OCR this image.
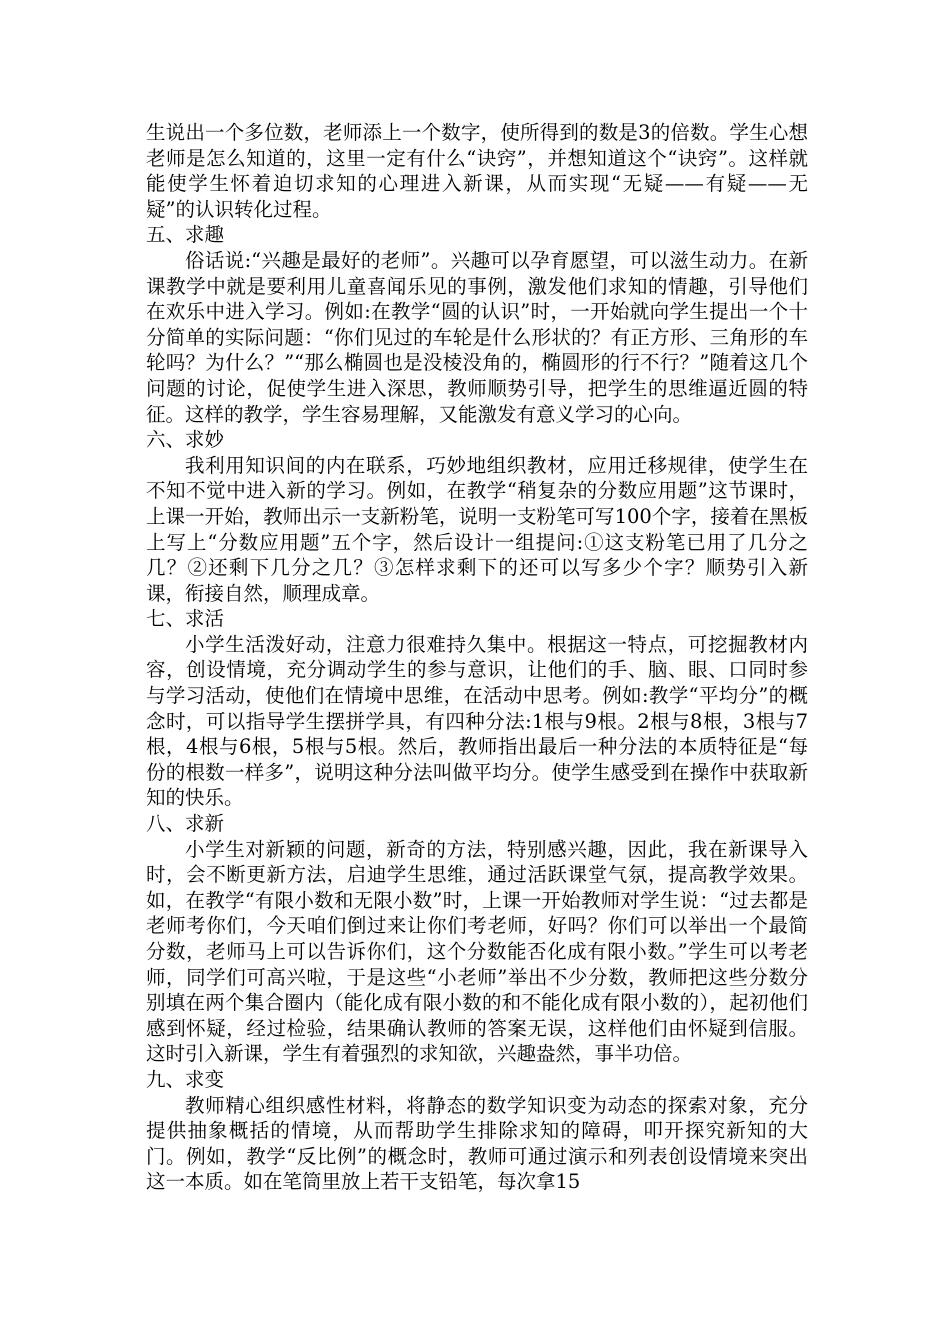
生说出一个多位数，老师添上一个数字，使所得到的数是3的倍数。学生心想老师是怎么知道的，这里一定有什么“诀窍”，并想知道这个“诀窍”。这样就能使学生怀着迫切求知的心理进入新课，从而实现“无疑——有疑——无疑”的认识转化过程。

五、求趣

俗话说:“兴趣是最好的老师”。兴趣可以孕育愿望，可以滋生动力。在新课教学中就是要利用儿童喜闻乐见的事例，激发他们求知的情趣，引导他们在欢乐中进入学习。例如:在教学“圆的认识”时，一开始就向学生提出一个十分简单的实际问题：“你们见过的车轮是什么形状的？有正方形、三角形的车轮吗？为什么？”“那么椭圆也是没棱没角的，椭圆形的行不行？”随着这几个问题的讨论，促使学生进入深思，教师顺势引导，把学生的思维逼近圆的特征。这样的教学，学生容易理解，又能激发有意义学习的心向。

六、求妙

我利用知识间的内在联系，巧妙地组织教材，应用迁移规律，使学生在不知不觉中进入新的学习。例如，在教学“稍复杂的分数应用题”这节课时，上课一开始，教师出示一支新粉笔，说明一支粉笔可写100个字，接着在黑板上写上“分数应用题”五个字，然后设计一组提问:①这支粉笔已用了几分之几？②还剩下几分之几？③怎样求剩下的还可以写多少个字？顺势引入新课，衔接自然，顺理成章。

七、求活

小学生活泼好动，注意力很难持久集中。根据这一特点，可挖掘教材内容，创设情境，充分调动学生的参与意识，让他们的手、脑、眼、口同时参与学习活动，使他们在情境中思维，在活动中思考。例如:教学“平均分”的概念时，可以指导学生摆拼学具，有四种分法:1根与9根。2根与8根，3根与7根，4根与6根，5根与5根。然后，教师指出最后一种分法的本质特征是“每份的根数一样多”，说明这种分法叫做平均分。使学生感受到在操作中获取新知的快乐。

八、求新

小学生对新颖的问题，新奇的方法，特别感兴趣，因此，我在新课导入时，会不断更新方法，启迪学生思维，通过活跃课堂气氛，提高教学效果。如，在教学“有限小数和无限小数”时，上课一开始教师对学生说：“过去都是老师考你们，今天咱们倒过来让你们考老师，好吗？你们可以举出一个最简分数，老师马上可以告诉你们，这个分数能否化成有限小数。”学生可以考老师，同学们可高兴啦，于是这些“小老师”举出不少分数，教师把这些分数分别填在两个集合圈内（能化成有限小数的和不能化成有限小数的），起初他们感到怀疑，经过检验，结果确认教师的答案无误，这样他们由怀疑到信服。这时引入新课，学生有着强烈的求知欲，兴趣盎然，事半功倍。

九、求变

教师精心组织感性材料，将静态的数学知识变为动态的探索对象，充分提供抽象概括的情境，从而帮助学生排除求知的障碍，叩开探究新知的大门。例如，教学“反比例”的概念时，教师可通过演示和列表创设情境来突出这一本质。如在笔筒里放上若干支铅笔，每次拿15
